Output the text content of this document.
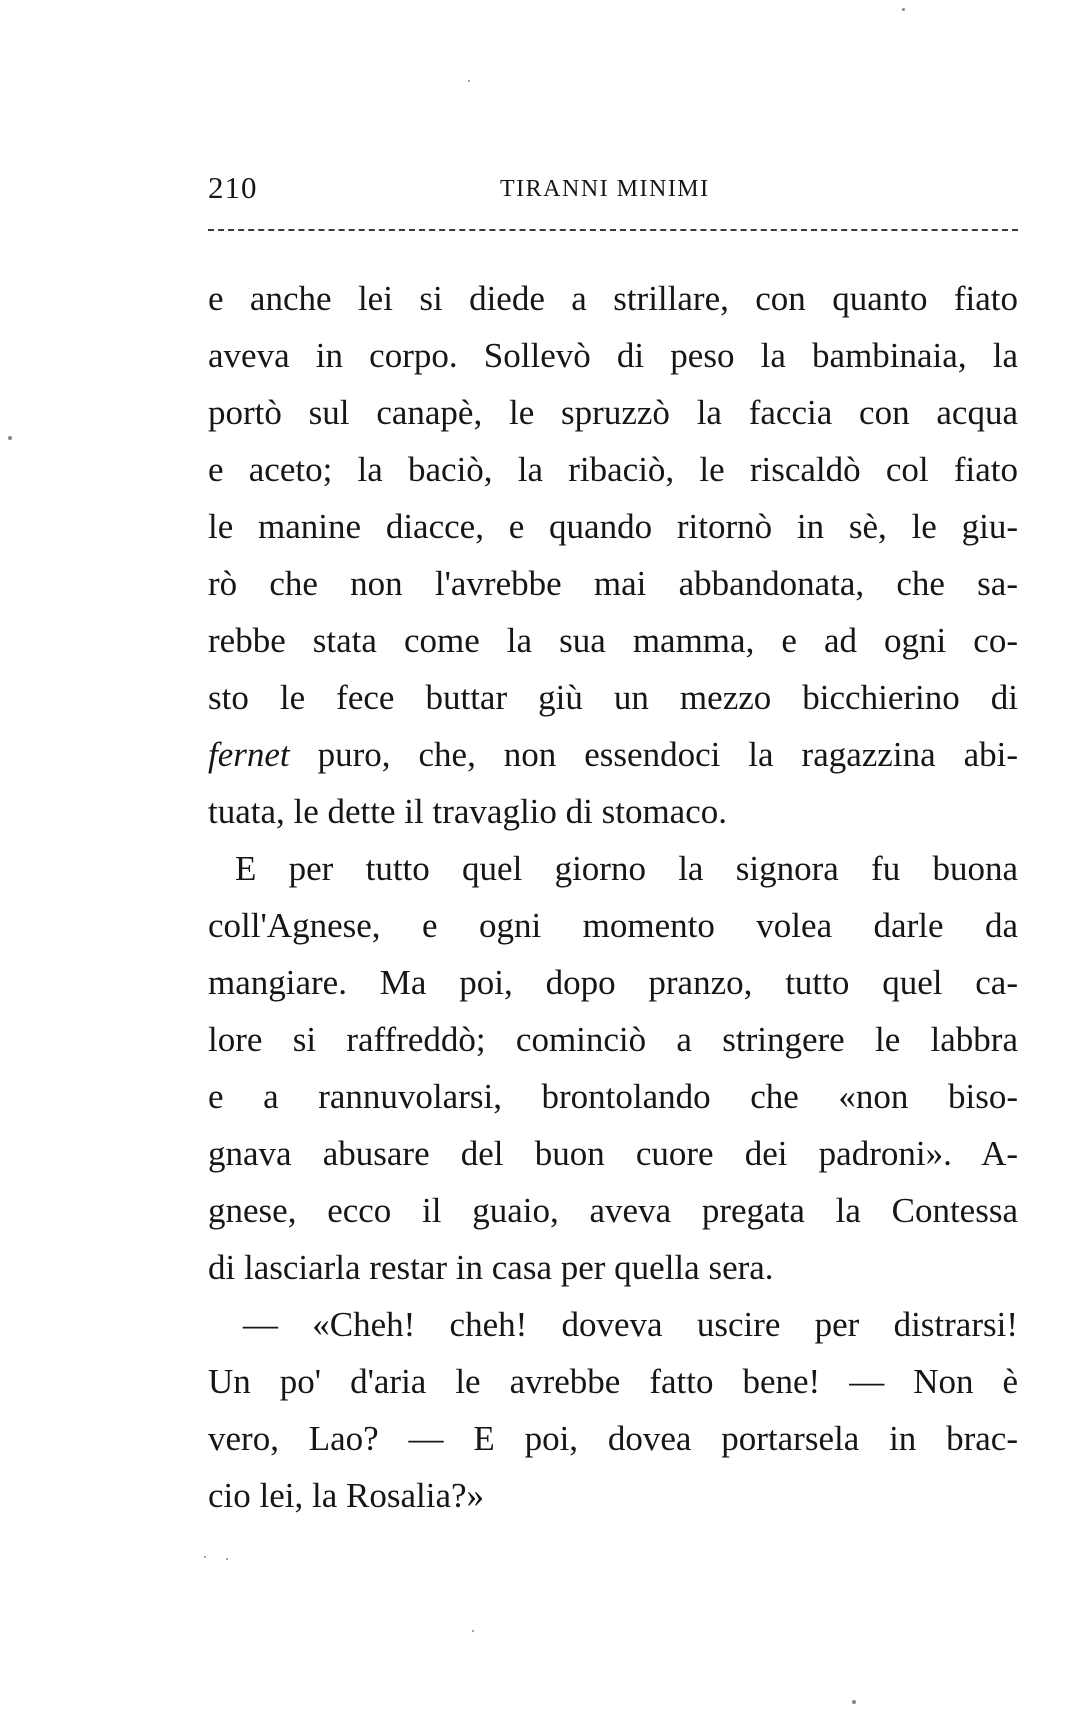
210	TIRANNI MINIMI
e anche lei si diede a strillare, con quanto fiato
aveva in corpo. Sollevò di peso la bambinaia, la
portò sul canapè, le spruzzò la faccia con acqua
e aceto; la baciò, la ribaciò, le riscaldò col fiato
le manine diacce, e quando ritornò in sè, le giu-
rò che non l'avrebbe mai abbandonata, che sa-
rebbe stata come la sua mamma, e ad ogni co-
sto le fece buttar giù un mezzo bicchierino di
fernet puro, che, non essendoci la ragazzina abi-
tuata, le dette il travaglio di stomaco.
E per tutto quel giorno la signora fu buona
coll'Agnese, e ogni momento volea darle da
mangiare. Ma poi, dopo pranzo, tutto quel ca-
lore si raffreddò; cominciò a stringere le labbra
e a rannuvolarsi, brontolando che «non biso-
gnava abusare del buon cuore dei padroni». A-
gnese, ecco il guaio, aveva pregata la Contessa
di lasciarla restar in casa per quella sera.
— «Cheh! cheh! doveva uscire per distrarsi!
Un po' d'aria le avrebbe fatto bene! — Non è
vero, Lao? — E poi, dovea portarsela in brac-
cio lei, la Rosalia?»
